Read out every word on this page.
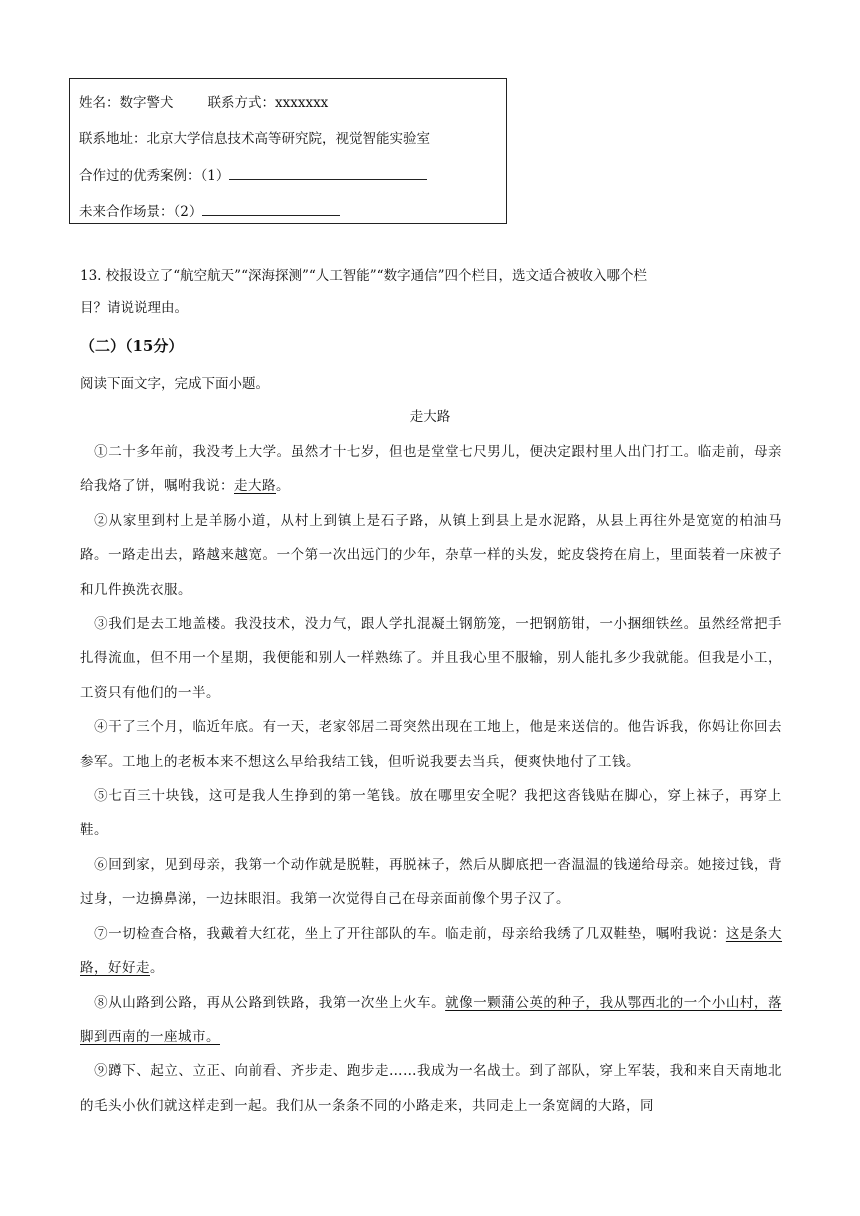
姓名：数字警犬	联系方式：xxxxxxx
联系地址：北京大学信息技术高等研究院，视觉智能实验室
合作过的优秀案例：（1）
未来合作场景：（2）
13. 校报设立了“航空航天”“深海探测”“人工智能”“数字通信”四个栏目，选文适合被收入哪个栏
目？请说说理由。
（二）（15分）
阅读下面文字，完成下面小题。
走大路

①二十多年前，我没考上大学。虽然才十七岁，但也是堂堂七尺男儿，便决定跟村里人出门打工。临走前，母亲给我烙了饼，嘱咐我说：走大路。

②从家里到村上是羊肠小道，从村上到镇上是石子路，从镇上到县上是水泥路，从县上再往外是宽宽的柏油马路。一路走出去，路越来越宽。一个第一次出远门的少年，杂草一样的头发，蛇皮袋挎在肩上，里面装着一床被子和几件换洗衣服。

③我们是去工地盖楼。我没技术，没力气，跟人学扎混凝土钢筋笼，一把钢筋钳，一小捆细铁丝。虽然经常把手扎得流血，但不用一个星期，我便能和别人一样熟练了。并且我心里不服输，别人能扎多少我就能。但我是小工，工资只有他们的一半。

④干了三个月，临近年底。有一天，老家邻居二哥突然出现在工地上，他是来送信的。他告诉我，你妈让你回去参军。工地上的老板本来不想这么早给我结工钱，但听说我要去当兵，便爽快地付了工钱。

⑤七百三十块钱，这可是我人生挣到的第一笔钱。放在哪里安全呢？我把这沓钱贴在脚心，穿上袜子，再穿上鞋。

⑥回到家，见到母亲，我第一个动作就是脱鞋，再脱袜子，然后从脚底把一沓温温的钱递给母亲。她接过钱，背过身，一边擤鼻涕，一边抹眼泪。我第一次觉得自己在母亲面前像个男子汉了。

⑦一切检查合格，我戴着大红花，坐上了开往部队的车。临走前，母亲给我绣了几双鞋垫，嘱咐我说：这是条大路，好好走。

⑧从山路到公路，再从公路到铁路，我第一次坐上火车。就像一颗蒲公英的种子，我从鄂西北的一个小山村，落脚到西南的一座城市。

⑨蹲下、起立、立正、向前看、齐步走、跑步走……我成为一名战士。到了部队，穿上军装，我和来自天南地北的毛头小伙们就这样走到一起。我们从一条条不同的小路走来，共同走上一条宽阔的大路，同
